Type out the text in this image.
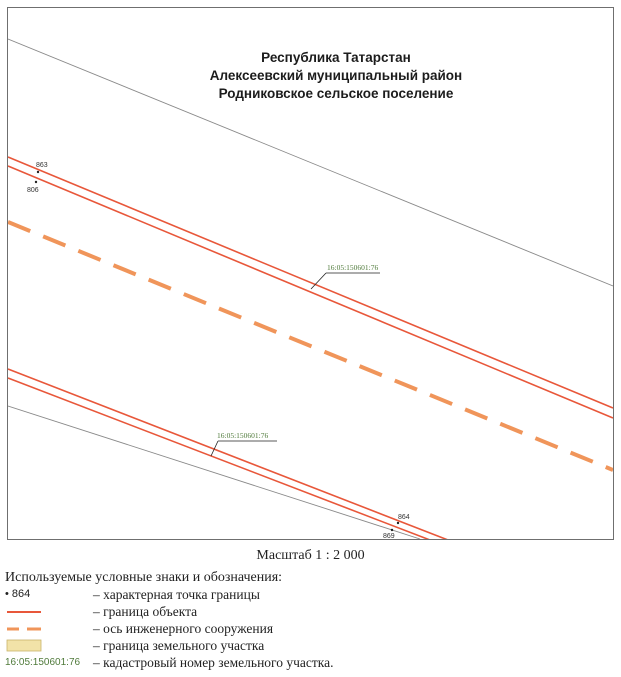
863
806
864
869
16:05:150601:76
16:05:150601:76
Республика Татарстан
Алексеевский муниципальный район
Родниковское сельское поселение
Масштаб 1 : 2 000
Используемые условные знаки и обозначения:
• 864	– характерная точка границы
– граница объекта
– ось инженерного сооружения
– граница земельного участка
16:05:150601:76 – кадастровый номер земельного участка.
